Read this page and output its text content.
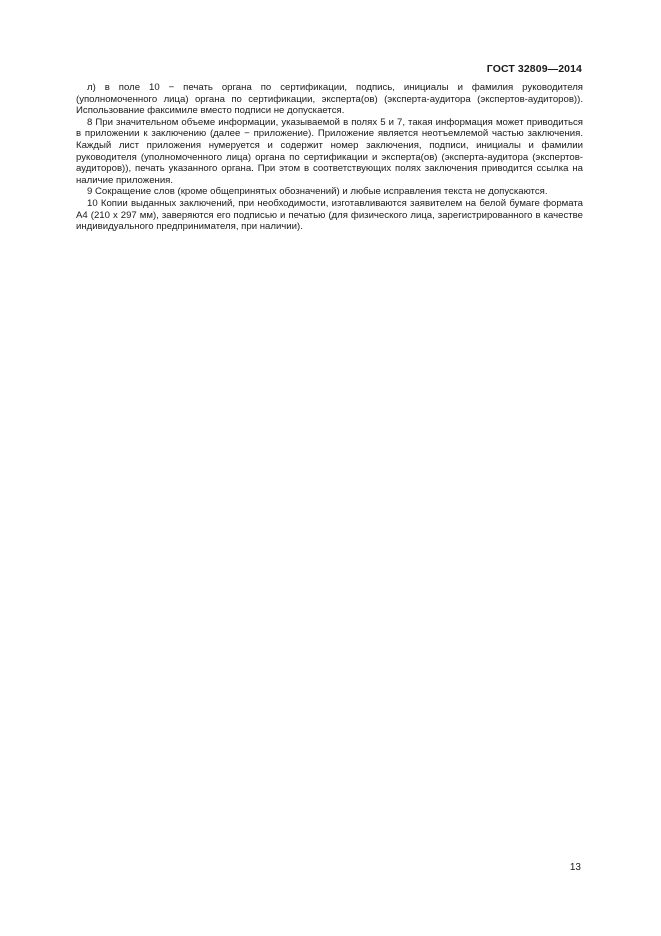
ГОСТ 32809—2014

л) в поле 10 − печать органа по сертификации, подпись, инициалы и фамилия руководителя (уполномоченного лица) органа по сертификации, эксперта(ов) (эксперта-аудитора (экспертов-аудиторов)). Использование факсимиле вместо подписи не допускается.

8 При значительном объеме информации, указываемой в полях 5 и 7, такая информация может приводиться в приложении к заключению (далее − приложение). Приложение является неотъемлемой частью заключения. Каждый лист приложения нумеруется и содержит номер заключения, подписи, инициалы и фамилии руководителя (уполномоченного лица) органа по сертификации и эксперта(ов) (эксперта-аудитора (экспертов-аудиторов)), печать указанного органа. При этом в соответствующих полях заключения приводится ссылка на наличие приложения.

9 Сокращение слов (кроме общепринятых обозначений) и любые исправления текста не допускаются.

10 Копии выданных заключений, при необходимости, изготавливаются заявителем на белой бумаге формата А4 (210 х 297 мм), заверяются его подписью и печатью (для физического лица, зарегистрированного в качестве индивидуального предпринимателя, при наличии).

13
